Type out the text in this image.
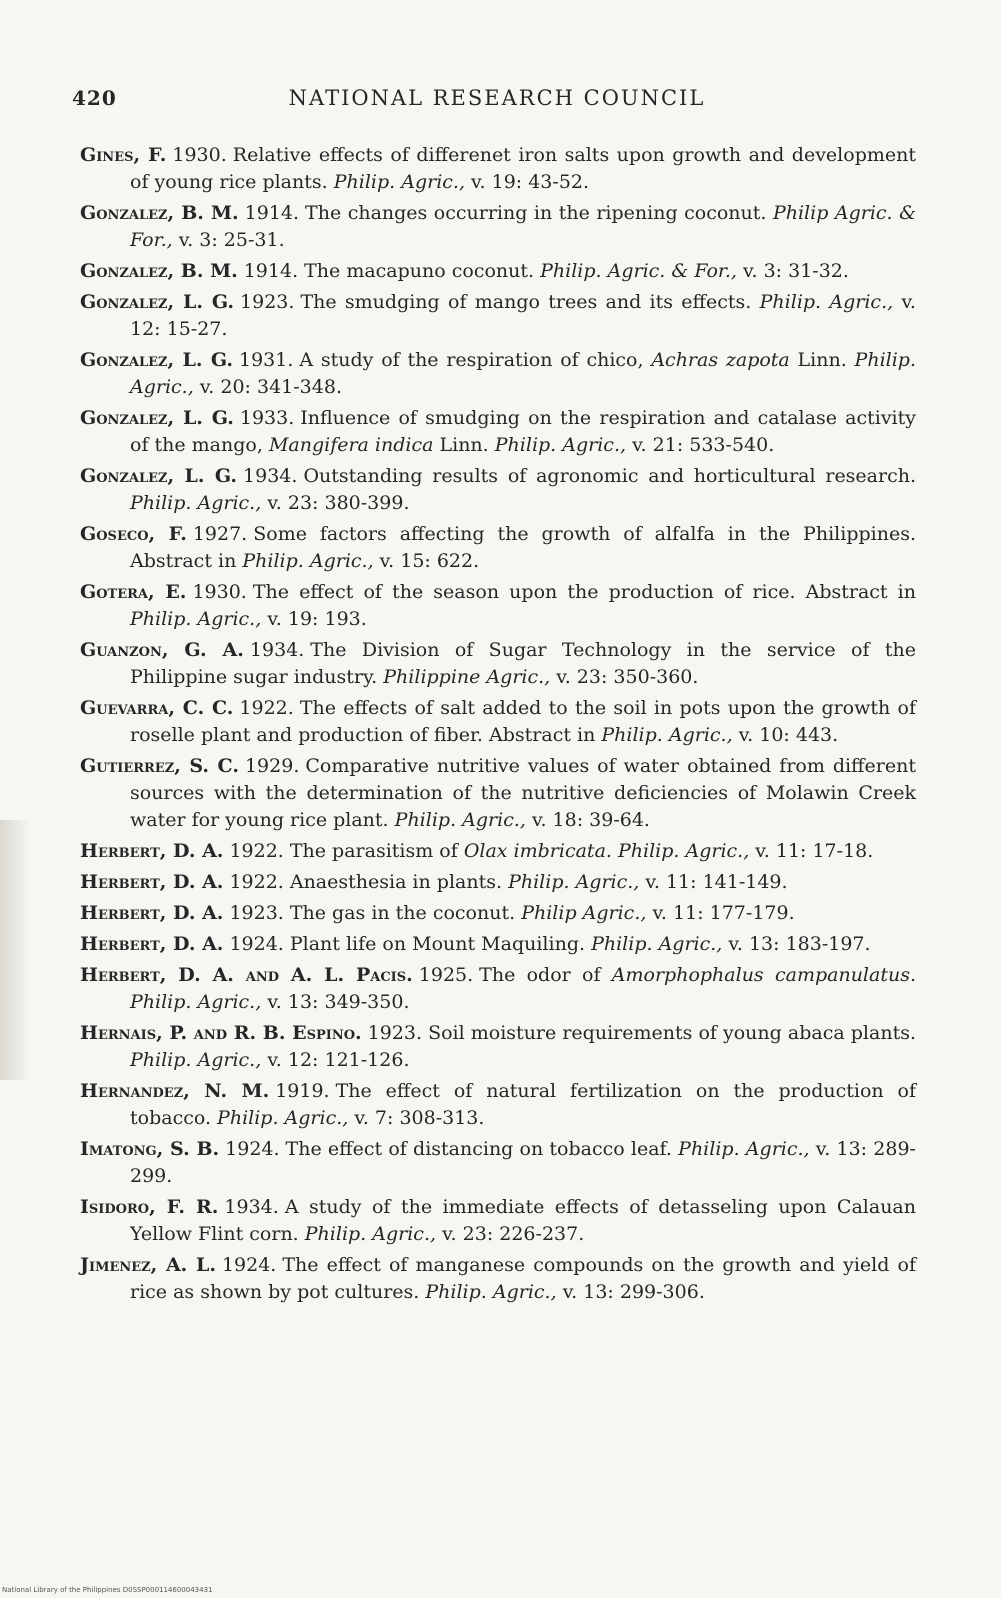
420	NATIONAL RESEARCH COUNCIL

Gines, F. 1930. Relative effects of differenet iron salts upon growth and development of young rice plants. Philip. Agric., v. 19: 43-52.

Gonzalez, B. M. 1914. The changes occurring in the ripening coconut. Philip Agric. & For., v. 3: 25-31.

Gonzalez, B. M. 1914. The macapuno coconut. Philip. Agric. & For., v. 3: 31-32.

Gonzalez, L. G. 1923. The smudging of mango trees and its effects. Philip. Agric., v. 12: 15-27.

Gonzalez, L. G. 1931. A study of the respiration of chico, Achras zapota Linn. Philip. Agric., v. 20: 341-348.

Gonzalez, L. G. 1933. Influence of smudging on the respiration and catalase activity of the mango, Mangifera indica Linn. Philip. Agric., v. 21: 533-540.

Gonzalez, L. G. 1934. Outstanding results of agronomic and horticultural research. Philip. Agric., v. 23: 380-399.

Goseco, F. 1927. Some factors affecting the growth of alfalfa in the Philippines. Abstract in Philip. Agric., v. 15: 622.

Gotera, E. 1930. The effect of the season upon the production of rice. Abstract in Philip. Agric., v. 19: 193.

Guanzon, G. A. 1934. The Division of Sugar Technology in the service of the Philippine sugar industry. Philippine Agric., v. 23: 350-360.

Guevarra, C. C. 1922. The effects of salt added to the soil in pots upon the growth of roselle plant and production of fiber. Abstract in Philip. Agric., v. 10: 443.

Gutierrez, S. C. 1929. Comparative nutritive values of water obtained from different sources with the determination of the nutritive deficiencies of Molawin Creek water for young rice plant. Philip. Agric., v. 18: 39-64.

Herbert, D. A. 1922. The parasitism of Olax imbricata. Philip. Agric., v. 11: 17-18.

Herbert, D. A. 1922. Anaesthesia in plants. Philip. Agric., v. 11: 141-149.

Herbert, D. A. 1923. The gas in the coconut. Philip Agric., v. 11: 177-179.

Herbert, D. A. 1924. Plant life on Mount Maquiling. Philip. Agric., v. 13: 183-197.

Herbert, D. A. and A. L. Pacis. 1925. The odor of Amorphophalus campanulatus. Philip. Agric., v. 13: 349-350.

Hernais, P. and R. B. Espino. 1923. Soil moisture requirements of young abaca plants. Philip. Agric., v. 12: 121-126.

Hernandez, N. M. 1919. The effect of natural fertilization on the production of tobacco. Philip. Agric., v. 7: 308-313.

Imatong, S. B. 1924. The effect of distancing on tobacco leaf. Philip. Agric., v. 13: 289-299.

Isidoro, F. R. 1934. A study of the immediate effects of detasseling upon Calauan Yellow Flint corn. Philip. Agric., v. 23: 226-237.

Jimenez, A. L. 1924. The effect of manganese compounds on the growth and yield of rice as shown by pot cultures. Philip. Agric., v. 13: 299-306.

National Library of the Philippines D0SSP000114600043431
